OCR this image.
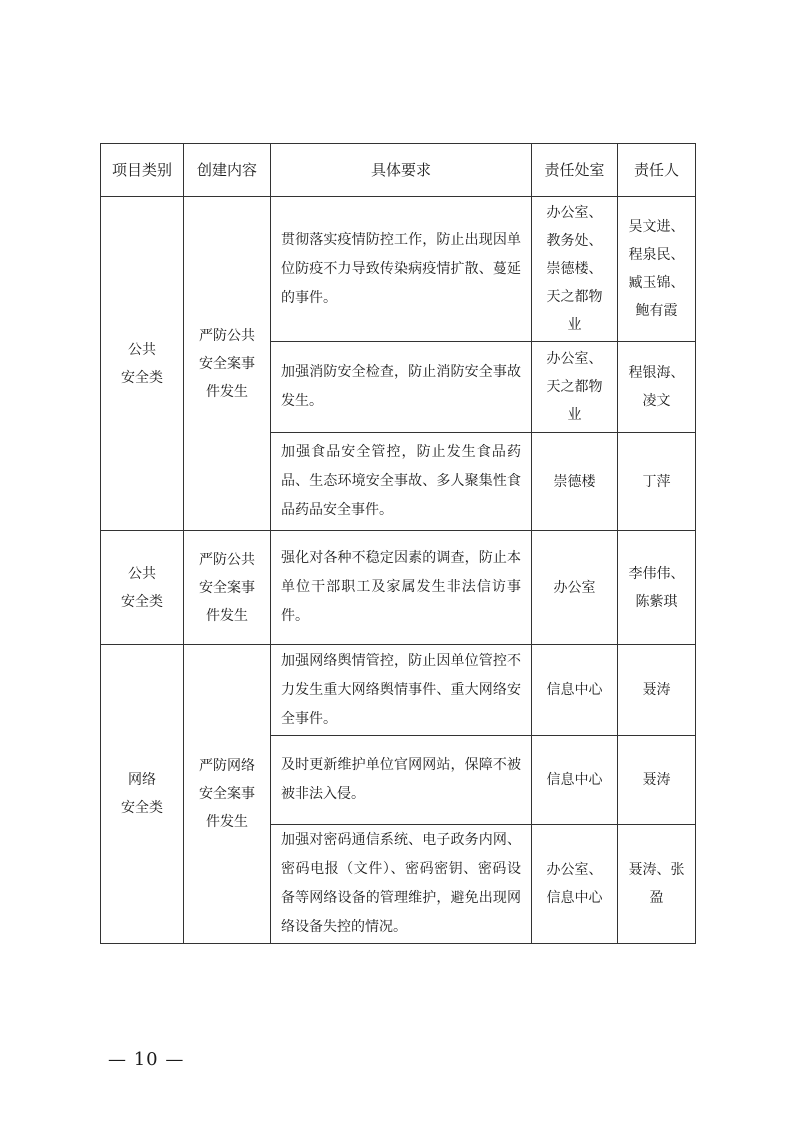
项目类别	创建内容	具体要求	责任处室	责任人
公共
安全类	严防公共
安全案事
件发生	贯彻落实疫情防控工作，防止出现因单位防疫不力导致传染病疫情扩散、蔓延的事件。	办公室、
教务处、
崇德楼、
天之都物
业	吴文进、
程泉民、
臧玉锦、
鲍有霞
		加强消防安全检查，防止消防安全事故发生。	办公室、
天之都物
业	程银海、
凌文
		加强食品安全管控，防止发生食品药品、生态环境安全事故、多人聚集性食品药品安全事件。	崇德楼	丁萍
公共
安全类	严防公共
安全案事
件发生	强化对各种不稳定因素的调查，防止本单位干部职工及家属发生非法信访事件。	办公室	李伟伟、
陈紫琪
网络
安全类	严防网络
安全案事
件发生	加强网络舆情管控，防止因单位管控不力发生重大网络舆情事件、重大网络安全事件。	信息中心	聂涛
		及时更新维护单位官网网站，保障不被被非法入侵。	信息中心	聂涛
		加强对密码通信系统、电子政务内网、密码电报（文件）、密码密钥、密码设备等网络设备的管理维护，避免出现网络设备失控的情况。	办公室、
信息中心	聂涛、张
盈
— 10 —
